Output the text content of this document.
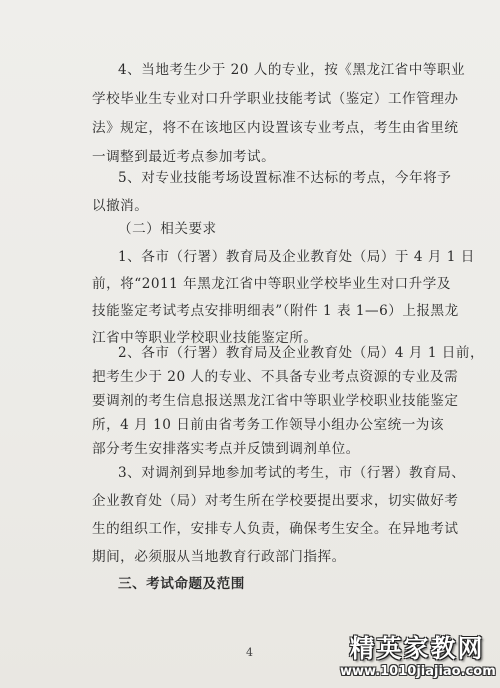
4、当地考生少于 20 人的专业，按《黑龙江省中等职业
学校毕业生专业对口升学职业技能考试（鉴定）工作管理办
法》规定，将不在该地区内设置该专业考点，考生由省里统
一调整到最近考点参加考试。
5、对专业技能考场设置标准不达标的考点，今年将予
以撤消。
（二）相关要求
1、各市（行署）教育局及企业教育处（局）于 4 月 1 日
前，将“2011 年黑龙江省中等职业学校毕业生对口升学及
技能鉴定考试考点安排明细表”（附件 1 表 1—6）上报黑龙
江省中等职业学校职业技能鉴定所。
2、各市（行署）教育局及企业教育处（局）4 月 1 日前，
把考生少于 20 人的专业、不具备专业考点资源的专业及需
要调剂的考生信息报送黑龙江省中等职业学校职业技能鉴定
所，4 月 10 日前由省考务工作领导小组办公室统一为该
部分考生安排落实考点并反馈到调剂单位。
3、对调剂到异地参加考试的考生，市（行署）教育局、
企业教育处（局）对考生所在学校要提出要求，切实做好考
生的组织工作，安排专人负责，确保考生安全。在异地考试
期间，必须服从当地教育行政部门指挥。
三、考试命题及范围
4	精英家教网
www.1010jiajiao.com
